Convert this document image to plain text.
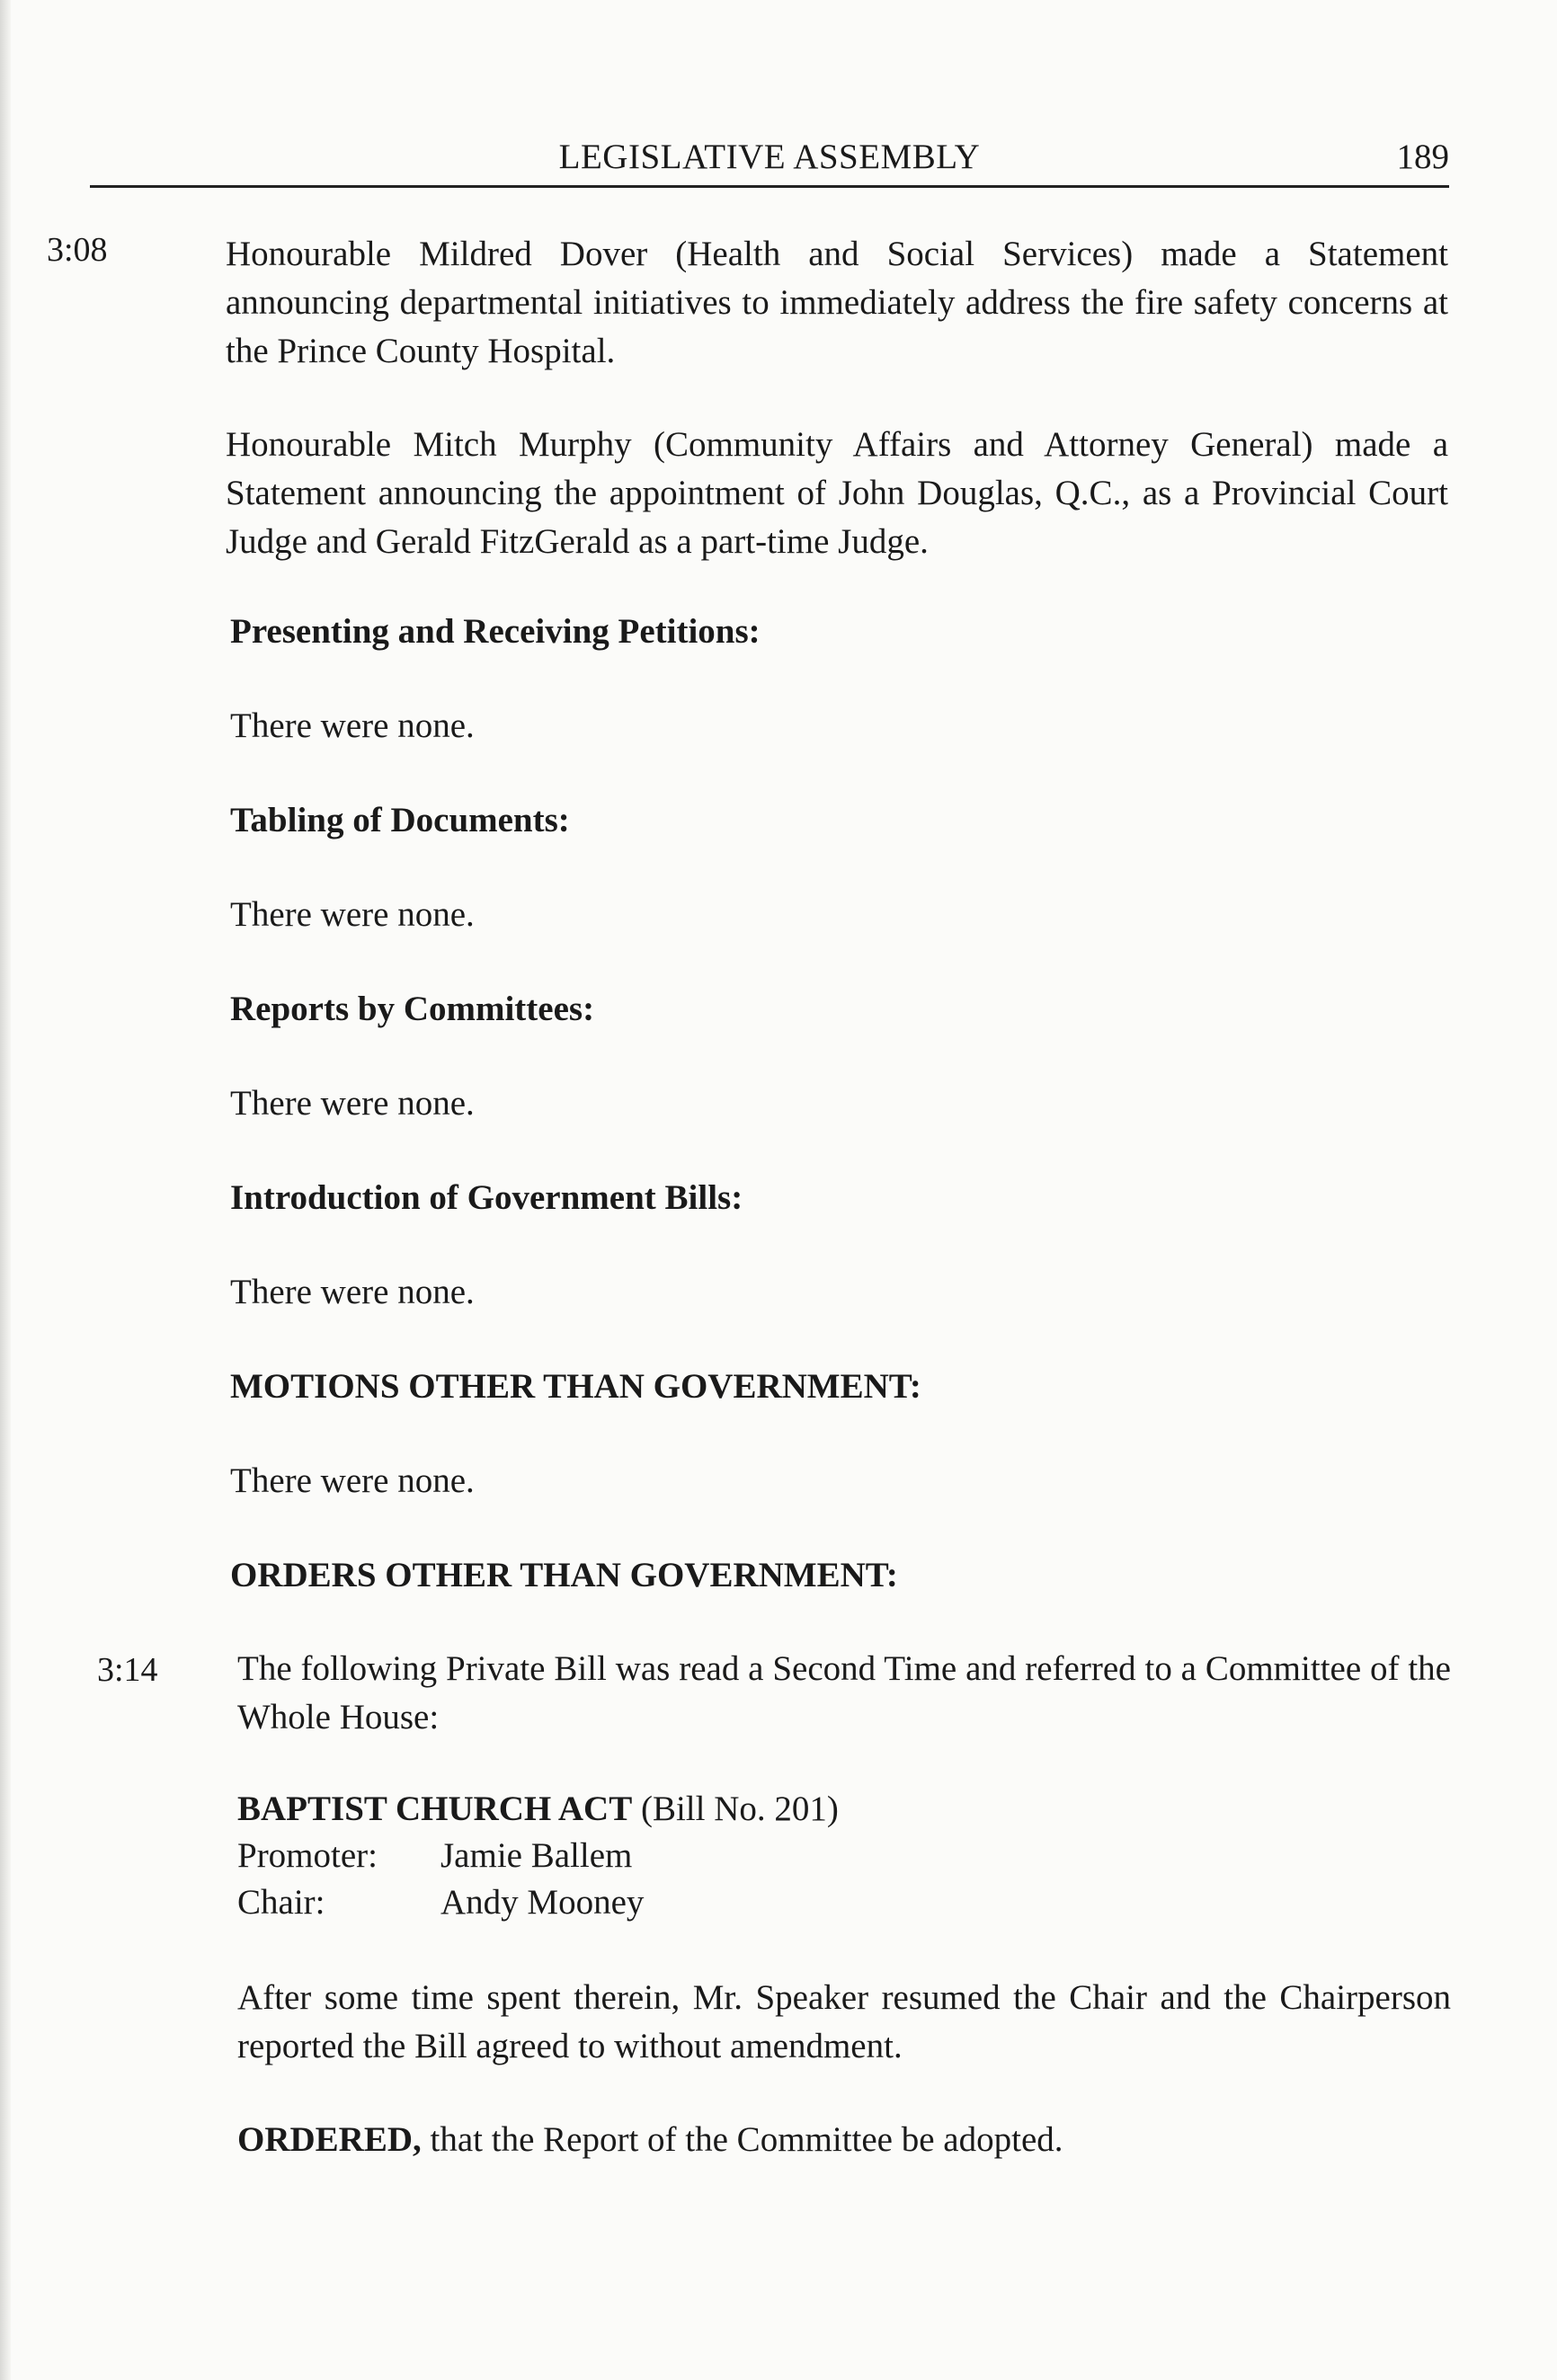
LEGISLATIVE ASSEMBLY	189
3:08	Honourable Mildred Dover (Health and Social Services) made a Statement announcing departmental initiatives to immediately address the fire safety concerns at the Prince County Hospital.
Honourable Mitch Murphy (Community Affairs and Attorney General) made a Statement announcing the appointment of John Douglas, Q.C., as a Provincial Court Judge and Gerald FitzGerald as a part-time Judge.
Presenting and Receiving Petitions:
There were none.
Tabling of Documents:
There were none.
Reports by Committees:
There were none.
Introduction of Government Bills:
There were none.
MOTIONS OTHER THAN GOVERNMENT:
There were none.
ORDERS OTHER THAN GOVERNMENT:
3:14 The following Private Bill was read a Second Time and referred to a Committee of the Whole House:
BAPTIST CHURCH ACT (Bill No. 201)
Promoter: Jamie Ballem
Chair:	Andy Mooney
After some time spent therein, Mr. Speaker resumed the Chair and the Chairperson reported the Bill agreed to without amendment.
ORDERED, that the Report of the Committee be adopted.
